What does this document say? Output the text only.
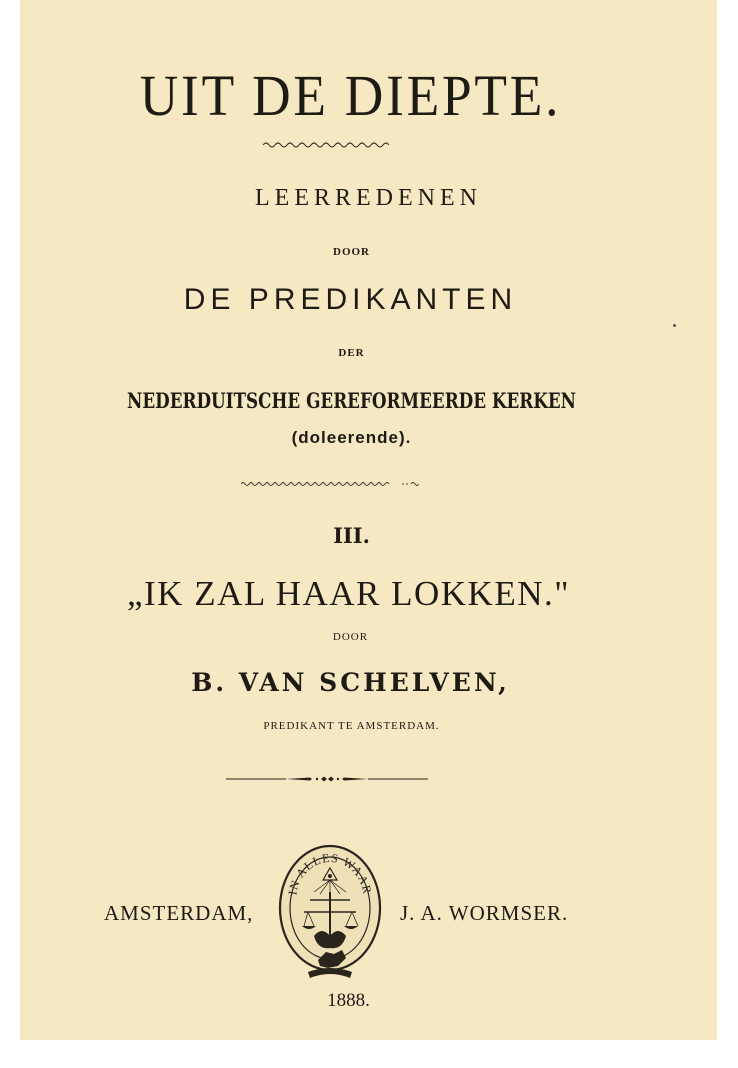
UIT DE DIEPTE.
LEERREDENEN
DOOR
DE PREDIKANTEN
DER
NEDERDUITSCHE GEREFORMEERDE KERKEN
(doleerende).
III.
„IK ZAL HAAR LOKKEN."
DOOR
B. VAN SCHELVEN,
PREDIKANT TE AMSTERDAM.
AMSTERDAM,
IN ALLES WAAR
J. A. WORMSER.
1888.
